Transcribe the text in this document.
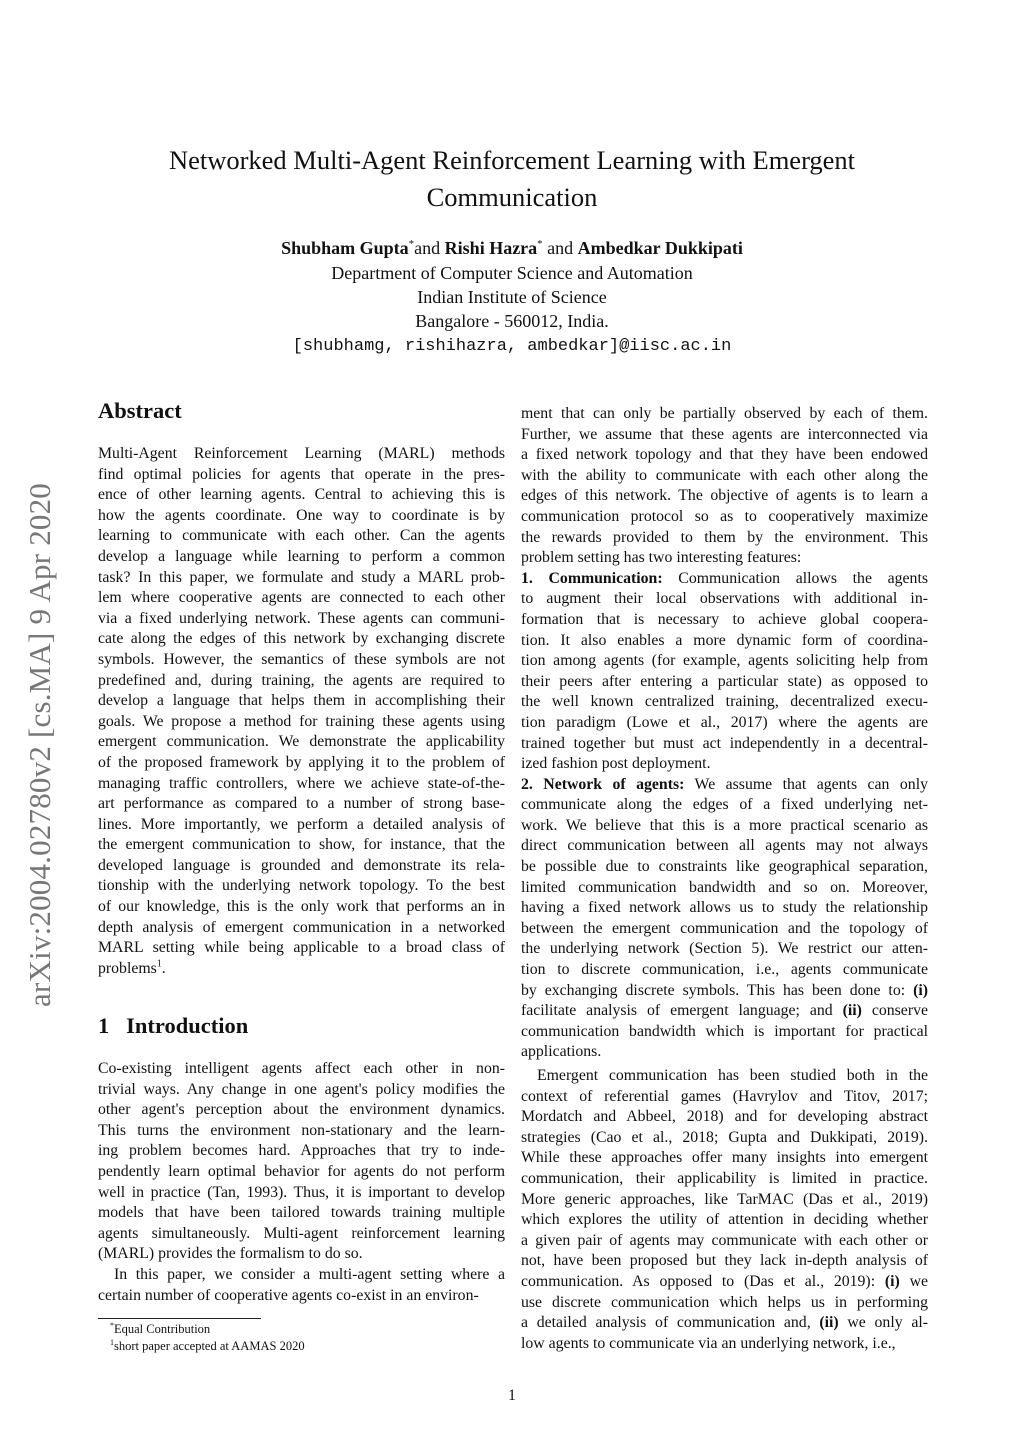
arXiv:2004.02780v2 [cs.MA] 9 Apr 2020
Networked Multi-Agent Reinforcement Learning with Emergent
Communication
Shubham Gupta*and Rishi Hazra* and Ambedkar Dukkipati
Department of Computer Science and Automation
Indian Institute of Science
Bangalore - 560012, India.
[shubhamg, rishihazra, ambedkar]@iisc.ac.in
Abstract
Multi-Agent Reinforcement Learning (MARL) methods
find optimal policies for agents that operate in the pres-
ence of other learning agents. Central to achieving this is
how the agents coordinate. One way to coordinate is by
learning to communicate with each other. Can the agents
develop a language while learning to perform a common
task? In this paper, we formulate and study a MARL prob-
lem where cooperative agents are connected to each other
via a fixed underlying network. These agents can communi-
cate along the edges of this network by exchanging discrete
symbols. However, the semantics of these symbols are not
predefined and, during training, the agents are required to
develop a language that helps them in accomplishing their
goals. We propose a method for training these agents using
emergent communication. We demonstrate the applicability
of the proposed framework by applying it to the problem of
managing traffic controllers, where we achieve state-of-the-
art performance as compared to a number of strong base-
lines. More importantly, we perform a detailed analysis of
the emergent communication to show, for instance, that the
developed language is grounded and demonstrate its rela-
tionship with the underlying network topology. To the best
of our knowledge, this is the only work that performs an in
depth analysis of emergent communication in a networked
MARL setting while being applicable to a broad class of
problems$^1$.
1   Introduction
Co-existing intelligent agents affect each other in non-
trivial ways. Any change in one agent's policy modifies the
other agent's perception about the environment dynamics.
This turns the environment non-stationary and the learn-
ing problem becomes hard. Approaches that try to inde-
pendently learn optimal behavior for agents do not perform
well in practice (Tan, 1993). Thus, it is important to develop
models that have been tailored towards training multiple
agents simultaneously. Multi-agent reinforcement learning
(MARL) provides the formalism to do so.
In this paper, we consider a multi-agent setting where a
certain number of cooperative agents co-exist in an environ-
ment that can only be partially observed by each of them.
Further, we assume that these agents are interconnected via
a fixed network topology and that they have been endowed
with the ability to communicate with each other along the
edges of this network. The objective of agents is to learn a
communication protocol so as to cooperatively maximize
the rewards provided to them by the environment. This
problem setting has two interesting features:
1. Communication: Communication allows the agents
to augment their local observations with additional in-
formation that is necessary to achieve global coopera-
tion. It also enables a more dynamic form of coordina-
tion among agents (for example, agents soliciting help from
their peers after entering a particular state) as opposed to
the well known centralized training, decentralized execu-
tion paradigm (Lowe et al., 2017) where the agents are
trained together but must act independently in a decentral-
ized fashion post deployment.
2. Network of agents: We assume that agents can only
communicate along the edges of a fixed underlying net-
work. We believe that this is a more practical scenario as
direct communication between all agents may not always
be possible due to constraints like geographical separation,
limited communication bandwidth and so on. Moreover,
having a fixed network allows us to study the relationship
between the emergent communication and the topology of
the underlying network (Section 5). We restrict our atten-
tion to discrete communication, i.e., agents communicate
by exchanging discrete symbols. This has been done to: (i)
facilitate analysis of emergent language; and (ii) conserve
communication bandwidth which is important for practical
applications.
Emergent communication has been studied both in the
context of referential games (Havrylov and Titov, 2017;
Mordatch and Abbeel, 2018) and for developing abstract
strategies (Cao et al., 2018; Gupta and Dukkipati, 2019).
While these approaches offer many insights into emergent
communication, their applicability is limited in practice.
More generic approaches, like TarMAC (Das et al., 2019)
which explores the utility of attention in deciding whether
a given pair of agents may communicate with each other or
not, have been proposed but they lack in-depth analysis of
communication. As opposed to (Das et al., 2019): (i) we
use discrete communication which helps us in performing
a detailed analysis of communication and, (ii) we only al-
low agents to communicate via an underlying network, i.e.,
*Equal Contribution
$^1$short paper accepted at AAMAS 2020
1
